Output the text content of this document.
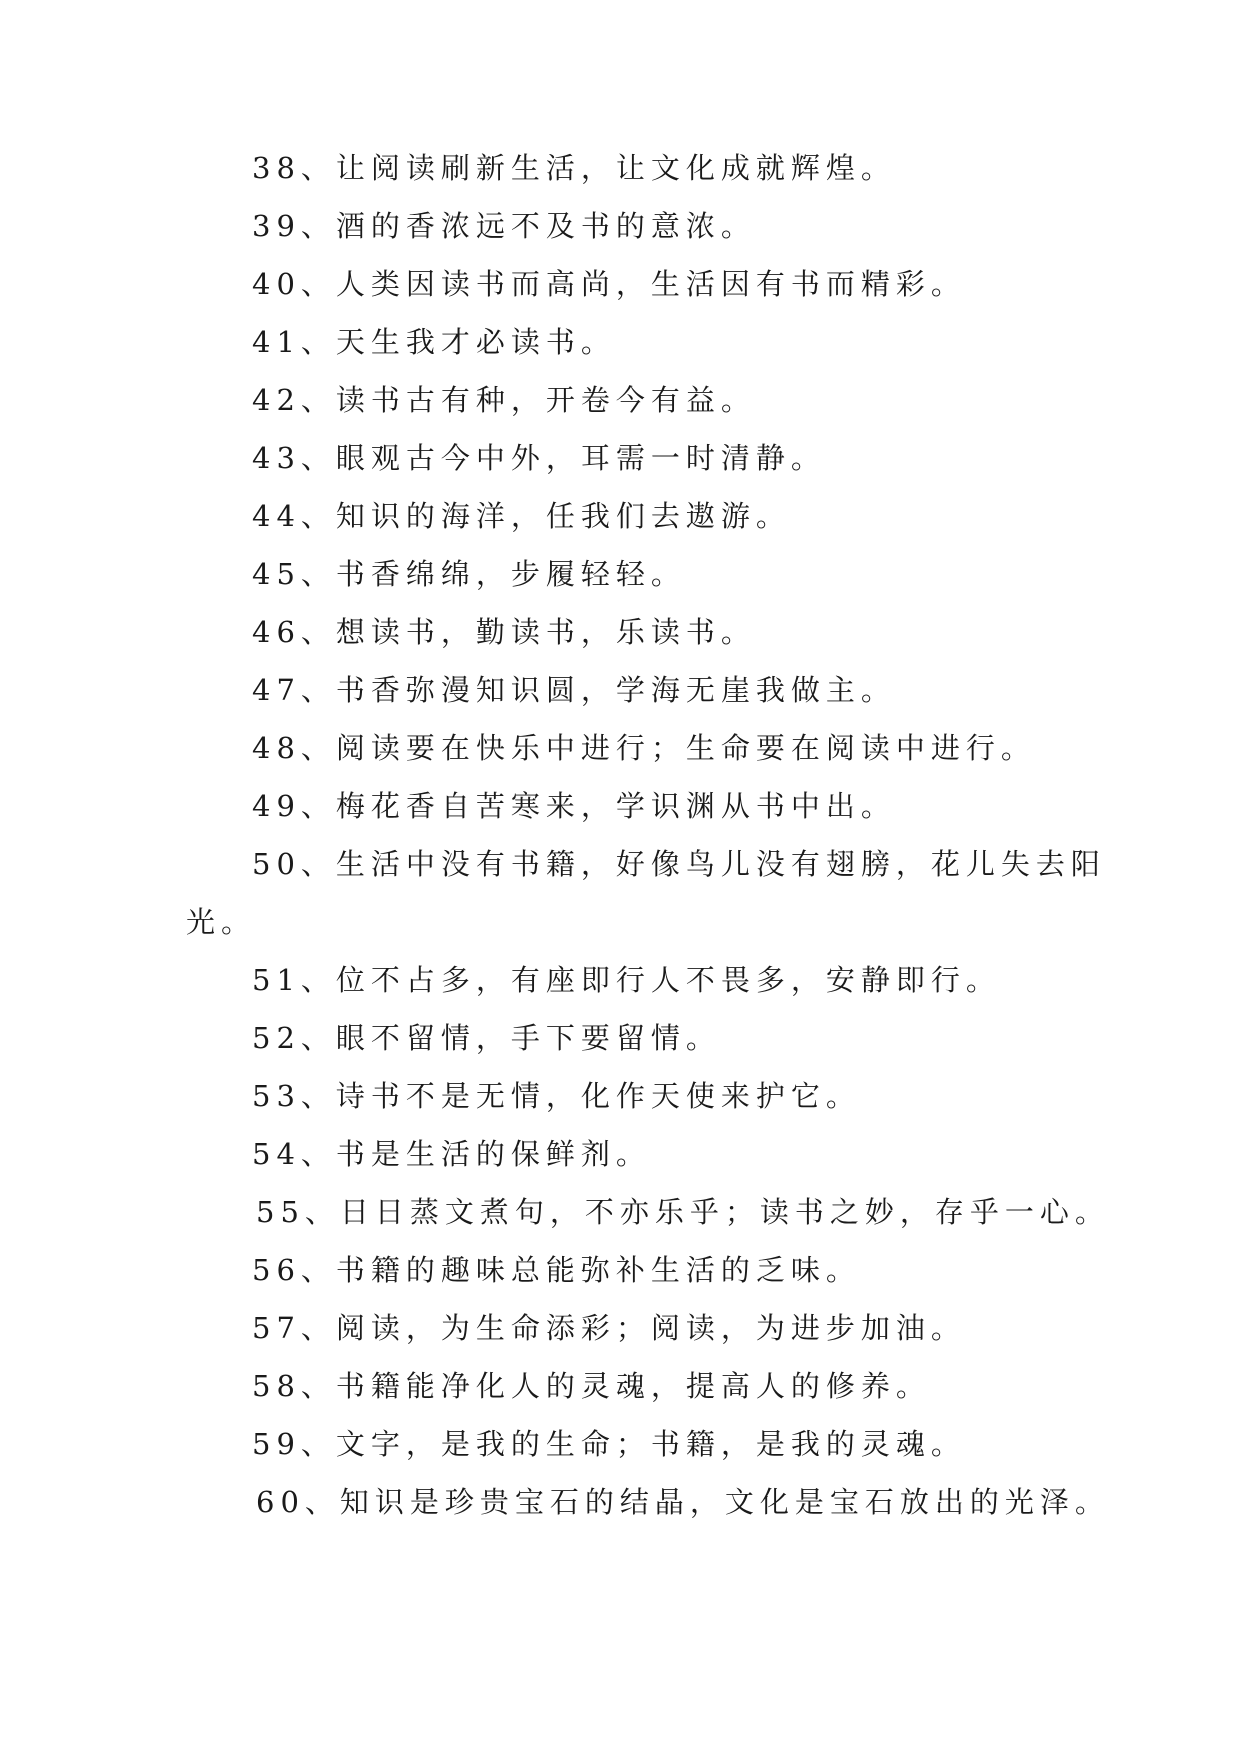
38、让阅读刷新生活，让文化成就辉煌。
39、酒的香浓远不及书的意浓。
40、人类因读书而高尚，生活因有书而精彩。
41、天生我才必读书。
42、读书古有种，开卷今有益。
43、眼观古今中外，耳需一时清静。
44、知识的海洋，任我们去遨游。
45、书香绵绵，步履轻轻。
46、想读书，勤读书，乐读书。
47、书香弥漫知识圆，学海无崖我做主。
48、阅读要在快乐中进行；生命要在阅读中进行。
49、梅花香自苦寒来，学识渊从书中出。
50、生活中没有书籍，好像鸟儿没有翅膀，花儿失去阳
光。
51、位不占多，有座即行人不畏多，安静即行。
52、眼不留情，手下要留情。
53、诗书不是无情，化作天使来护它。
54、书是生活的保鲜剂。
55、日日蒸文煮句，不亦乐乎；读书之妙，存乎一心。
56、书籍的趣味总能弥补生活的乏味。
57、阅读，为生命添彩；阅读，为进步加油。
58、书籍能净化人的灵魂，提高人的修养。
59、文字，是我的生命；书籍，是我的灵魂。
60、知识是珍贵宝石的结晶，文化是宝石放出的光泽。
